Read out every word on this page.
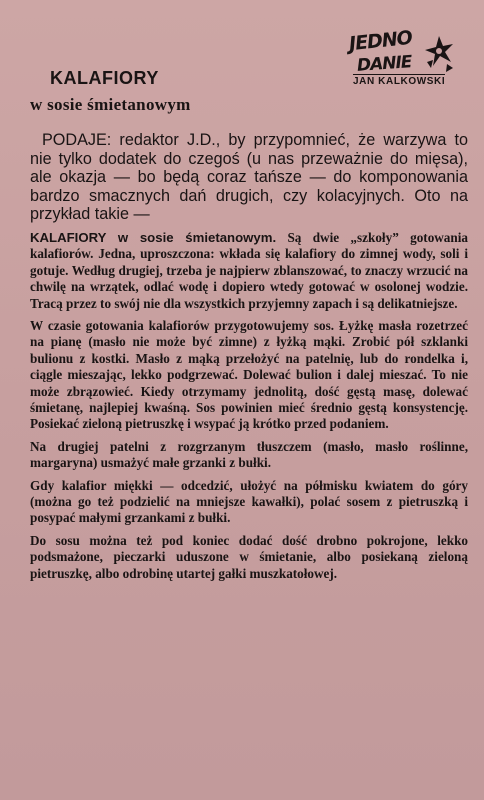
KALAFIORY
w sosie śmietanowym
JEDNO
DANIE
JAN KALKOWSKI

PODAJE: redaktor J.D., by przypomnieć, że warzywa to nie tylko dodatek do czegoś (u nas przeważnie do mięsa), ale okazja — bo będą coraz tańsze — do komponowania bardzo smacznych dań drugich, czy kolacyjnych. Oto na przykład takie —

KALAFIORY w sosie śmietanowym. Są dwie „szkoły” gotowania kalafiorów. Jedna, uproszczona: wkłada się kalafiory do zimnej wody, soli i gotuje. Według drugiej, trzeba je najpierw zblanszować, to znaczy wrzucić na chwilę na wrzątek, odlać wodę i dopiero wtedy gotować w osolonej wodzie. Tracą przez to swój nie dla wszystkich przyjemny zapach i są delikatniejsze.

W czasie gotowania kalafiorów przygotowujemy sos. Łyżkę masła rozetrzeć na pianę (masło nie może być zimne) z łyżką mąki. Zrobić pół szklanki bulionu z kostki. Masło z mąką przełożyć na patelnię, lub do rondelka i, ciągle mieszając, lekko podgrzewać. Dolewać bulion i dalej mieszać. To nie może zbrązowieć. Kiedy otrzymamy jednolitą, dość gęstą masę, dolewać śmietanę, najlepiej kwaśną. Sos powinien mieć średnio gęstą konsystencję. Posiekać zieloną pietruszkę i wsypać ją krótko przed podaniem.

Na drugiej patelni z rozgrzanym tłuszczem (masło, masło roślinne, margaryna) usmażyć małe grzanki z bułki.

Gdy kalafior miękki — odcedzić, ułożyć na półmisku kwiatem do góry (można go też podzielić na mniejsze kawałki), polać sosem z pietruszką i posypać małymi grzankami z bułki.

Do sosu można też pod koniec dodać dość drobno pokrojone, lekko podsmażone, pieczarki uduszone w śmietanie, albo posiekaną zieloną pietruszkę, albo odrobinę utartej gałki muszkatołowej.
